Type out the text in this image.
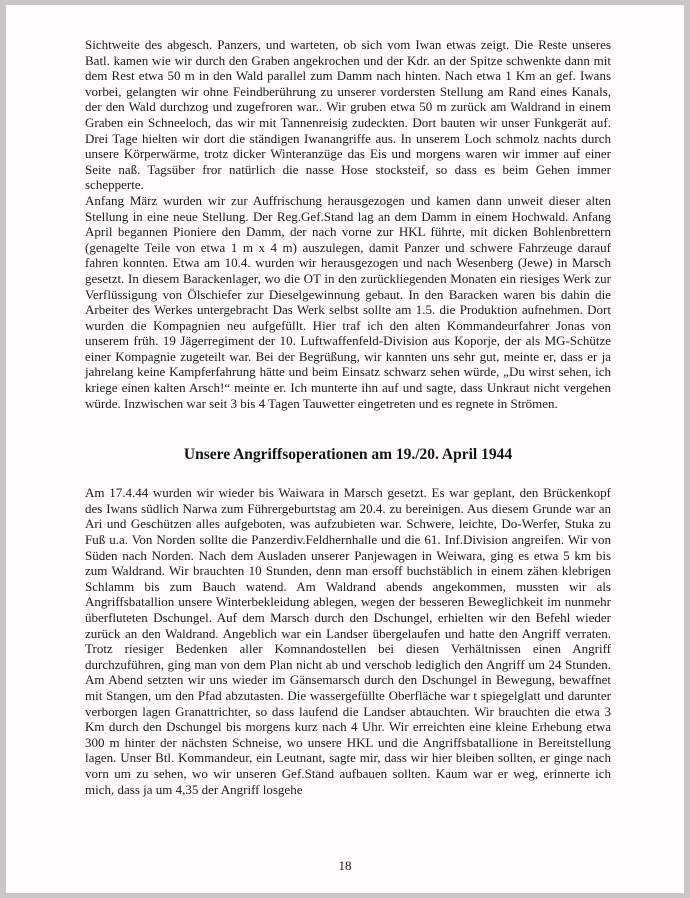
Sichtweite des abgesch. Panzers, und warteten, ob sich vom Iwan etwas zeigt. Die Reste unseres Batl. kamen wie wir durch den Graben angekrochen und der Kdr. an der Spitze schwenkte dann mit dem Rest etwa 50 m in den Wald parallel zum Damm nach hinten. Nach etwa 1 Km an gef. Iwans vorbei, gelangten wir ohne Feindberührung zu unserer vordersten Stellung am Rand eines Kanals, der den Wald durchzog und zugefroren war.. Wir gruben etwa 50 m zurück am Waldrand in einem Graben ein Schneeloch, das wir mit Tannenreisig zudeckten. Dort bauten wir unser Funkgerät auf. Drei Tage hielten wir dort die ständigen Iwanangriffe aus. In unserem Loch schmolz nachts durch unsere Körperwärme, trotz dicker Winteranzüge das Eis und morgens waren wir immer auf einer Seite naß. Tagsüber fror natürlich die nasse Hose stocksteif, so dass es beim Gehen immer schepperte.

Anfang März wurden wir zur Auffrischung herausgezogen und kamen dann unweit dieser alten Stellung in eine neue Stellung. Der Reg.Gef.Stand lag an dem Damm in einem Hochwald. Anfang April begannen Pioniere den Damm, der nach vorne zur HKL führte, mit dicken Bohlenbrettern (genagelte Teile von etwa 1 m x 4 m) auszulegen, damit Panzer und schwere Fahrzeuge darauf fahren konnten. Etwa am 10.4. wurden wir herausgezogen und nach Wesenberg (Jewe) in Marsch gesetzt. In diesem Barackenlager, wo die OT in den zurückliegenden Monaten ein riesiges Werk zur Verflüssigung von Ölschiefer zur Dieselgewinnung gebaut. In den Baracken waren bis dahin die Arbeiter des Werkes untergebracht Das Werk selbst sollte am 1.5. die Produktion aufnehmen. Dort wurden die Kompagnien neu aufgefüllt. Hier traf ich den alten Kommandeurfahrer Jonas von unserem früh. 19 Jägerregiment der 10. Luftwaffenfeld-Division aus Koporje, der als MG-Schütze einer Kompagnie zugeteilt war. Bei der Begrüßung, wir kannten uns sehr gut, meinte er, dass er ja jahrelang keine Kampferfahrung hätte und beim Einsatz schwarz sehen würde, „Du wirst sehen, ich kriege einen kalten Arsch!“ meinte er. Ich munterte ihn auf und sagte, dass Unkraut nicht vergehen würde. Inzwischen war seit 3 bis 4 Tagen Tauwetter eingetreten und es regnete in Strömen.

Unsere Angriffsoperationen am 19./20. April 1944

Am 17.4.44 wurden wir wieder bis Waiwara in Marsch gesetzt. Es war geplant, den Brückenkopf des Iwans südlich Narwa zum Führergeburtstag am 20.4. zu bereinigen. Aus diesem Grunde war an Ari und Geschützen alles aufgeboten, was aufzubieten war. Schwere, leichte, Do-Werfer, Stuka zu Fuß u.a. Von Norden sollte die Panzerdiv.Feldhernhalle und die 61. Inf.Division angreifen. Wir von Süden nach Norden. Nach dem Ausladen unserer Panjewagen in Weiwara, ging es etwa 5 km bis zum Waldrand. Wir brauchten 10 Stunden, denn man ersoff buchstäblich in einem zähen klebrigen Schlamm bis zum Bauch watend. Am Waldrand abends angekommen, mussten wir als Angriffsbatallion unsere Winterbekleidung ablegen, wegen der besseren Beweglichkeit im nunmehr überfluteten Dschungel. Auf dem Marsch durch den Dschungel, erhielten wir den Befehl wieder zurück an den Waldrand. Angeblich war ein Landser übergelaufen und hatte den Angriff verraten. Trotz riesiger Bedenken aller Komnandostellen bei diesen Verhältnissen einen Angriff durchzuführen, ging man von dem Plan nicht ab und verschob lediglich den Angriff um 24 Stunden. Am Abend setzten wir uns wieder im Gänsemarsch durch den Dschungel in Bewegung, bewaffnet mit Stangen, um den Pfad abzutasten. Die wassergefüllte Oberfläche war t spiegelglatt und darunter verborgen lagen Granattrichter, so dass laufend die Landser abtauchten. Wir brauchten die etwa 3 Km durch den Dschungel bis morgens kurz nach 4 Uhr. Wir erreichten eine kleine Erhebung etwa 300 m hinter der nächsten Schneise, wo unsere HKL und die Angriffsbatallione in Bereitstellung lagen. Unser Btl. Kommandeur, ein Leutnant, sagte mir, dass wir hier bleiben sollten, er ginge nach vorn um zu sehen, wo wir unseren Gef.Stand aufbauen sollten. Kaum war er weg, erinnerte ich mich, dass ja um 4,35 der Angriff losgehe

18
